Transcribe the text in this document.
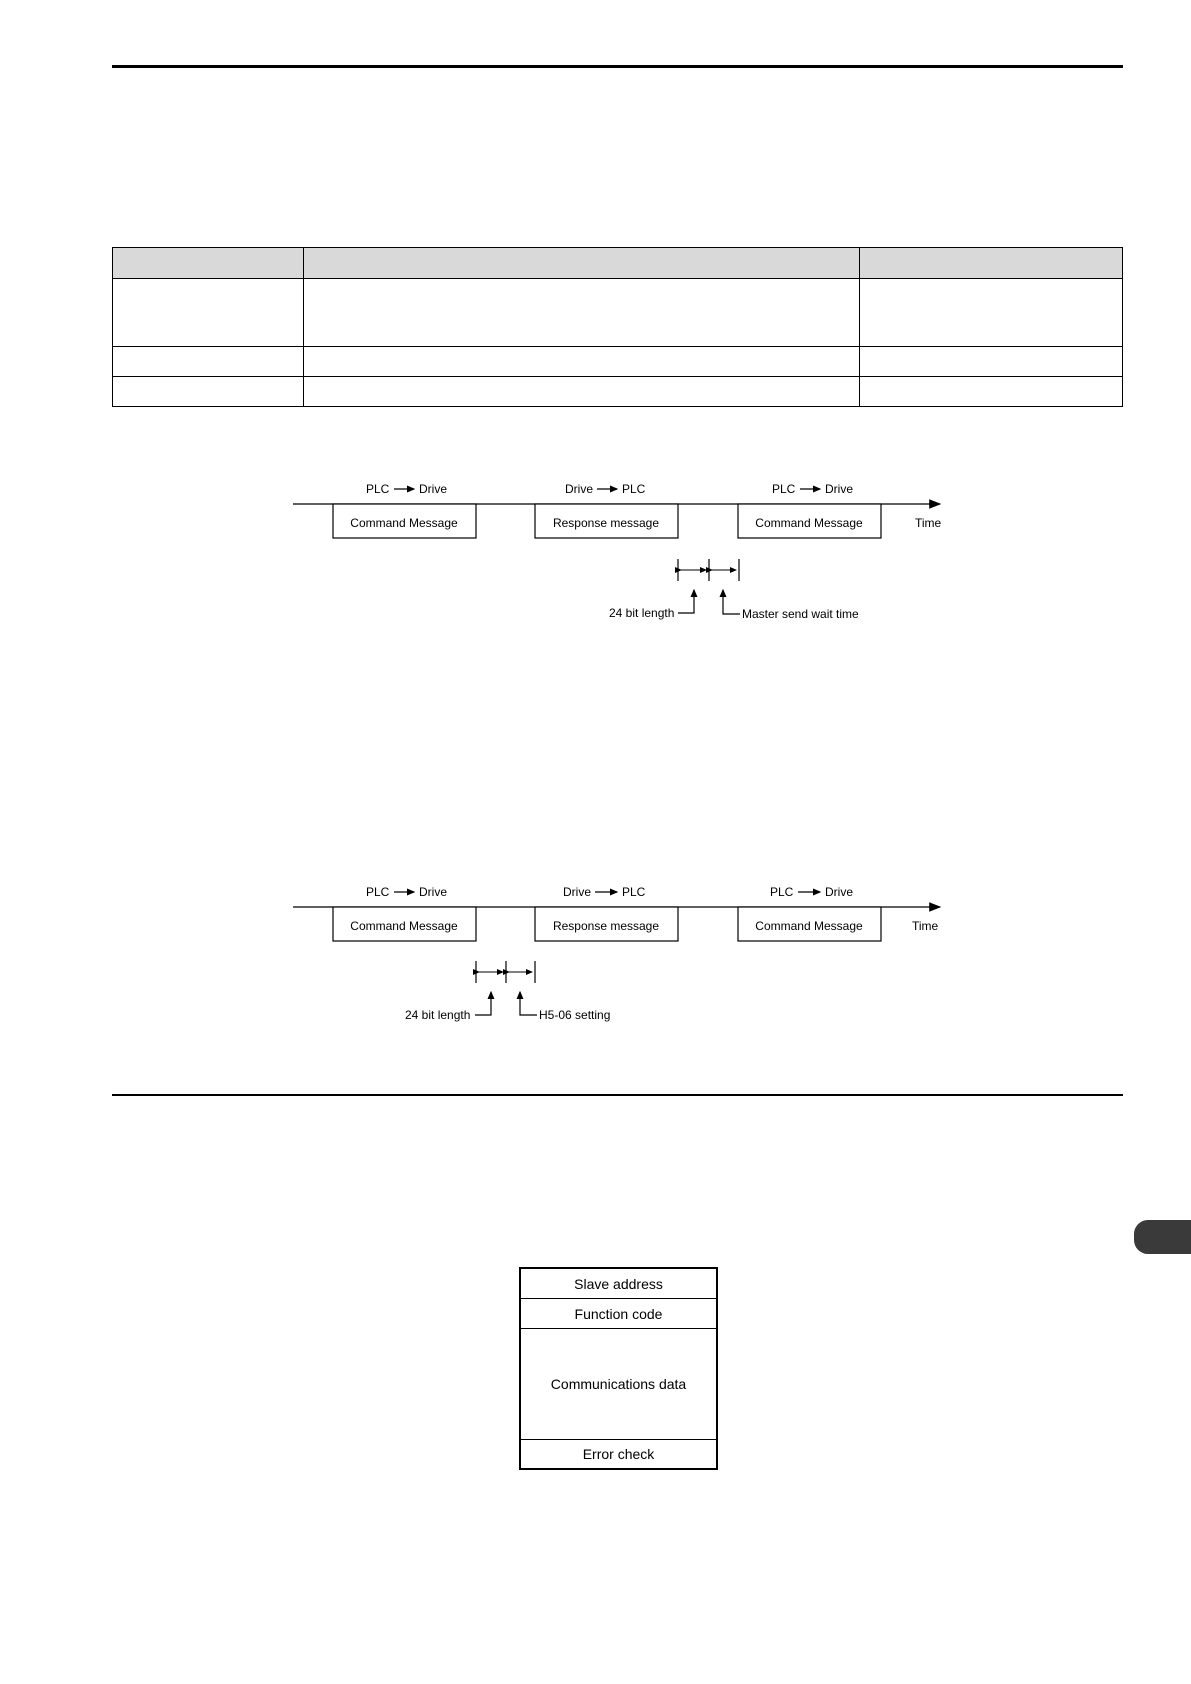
PLC Drive	Drive PLC	PLC Drive
Command Message	Response message	Command Message	Time
24 bit length	Master send wait time
PLC Drive	Drive	PLC	PLC	Drive
Command Message	Response message	Command Message	Time
24 bit length	H5-06 setting
Slave address
Function code
Communications data
Error check
